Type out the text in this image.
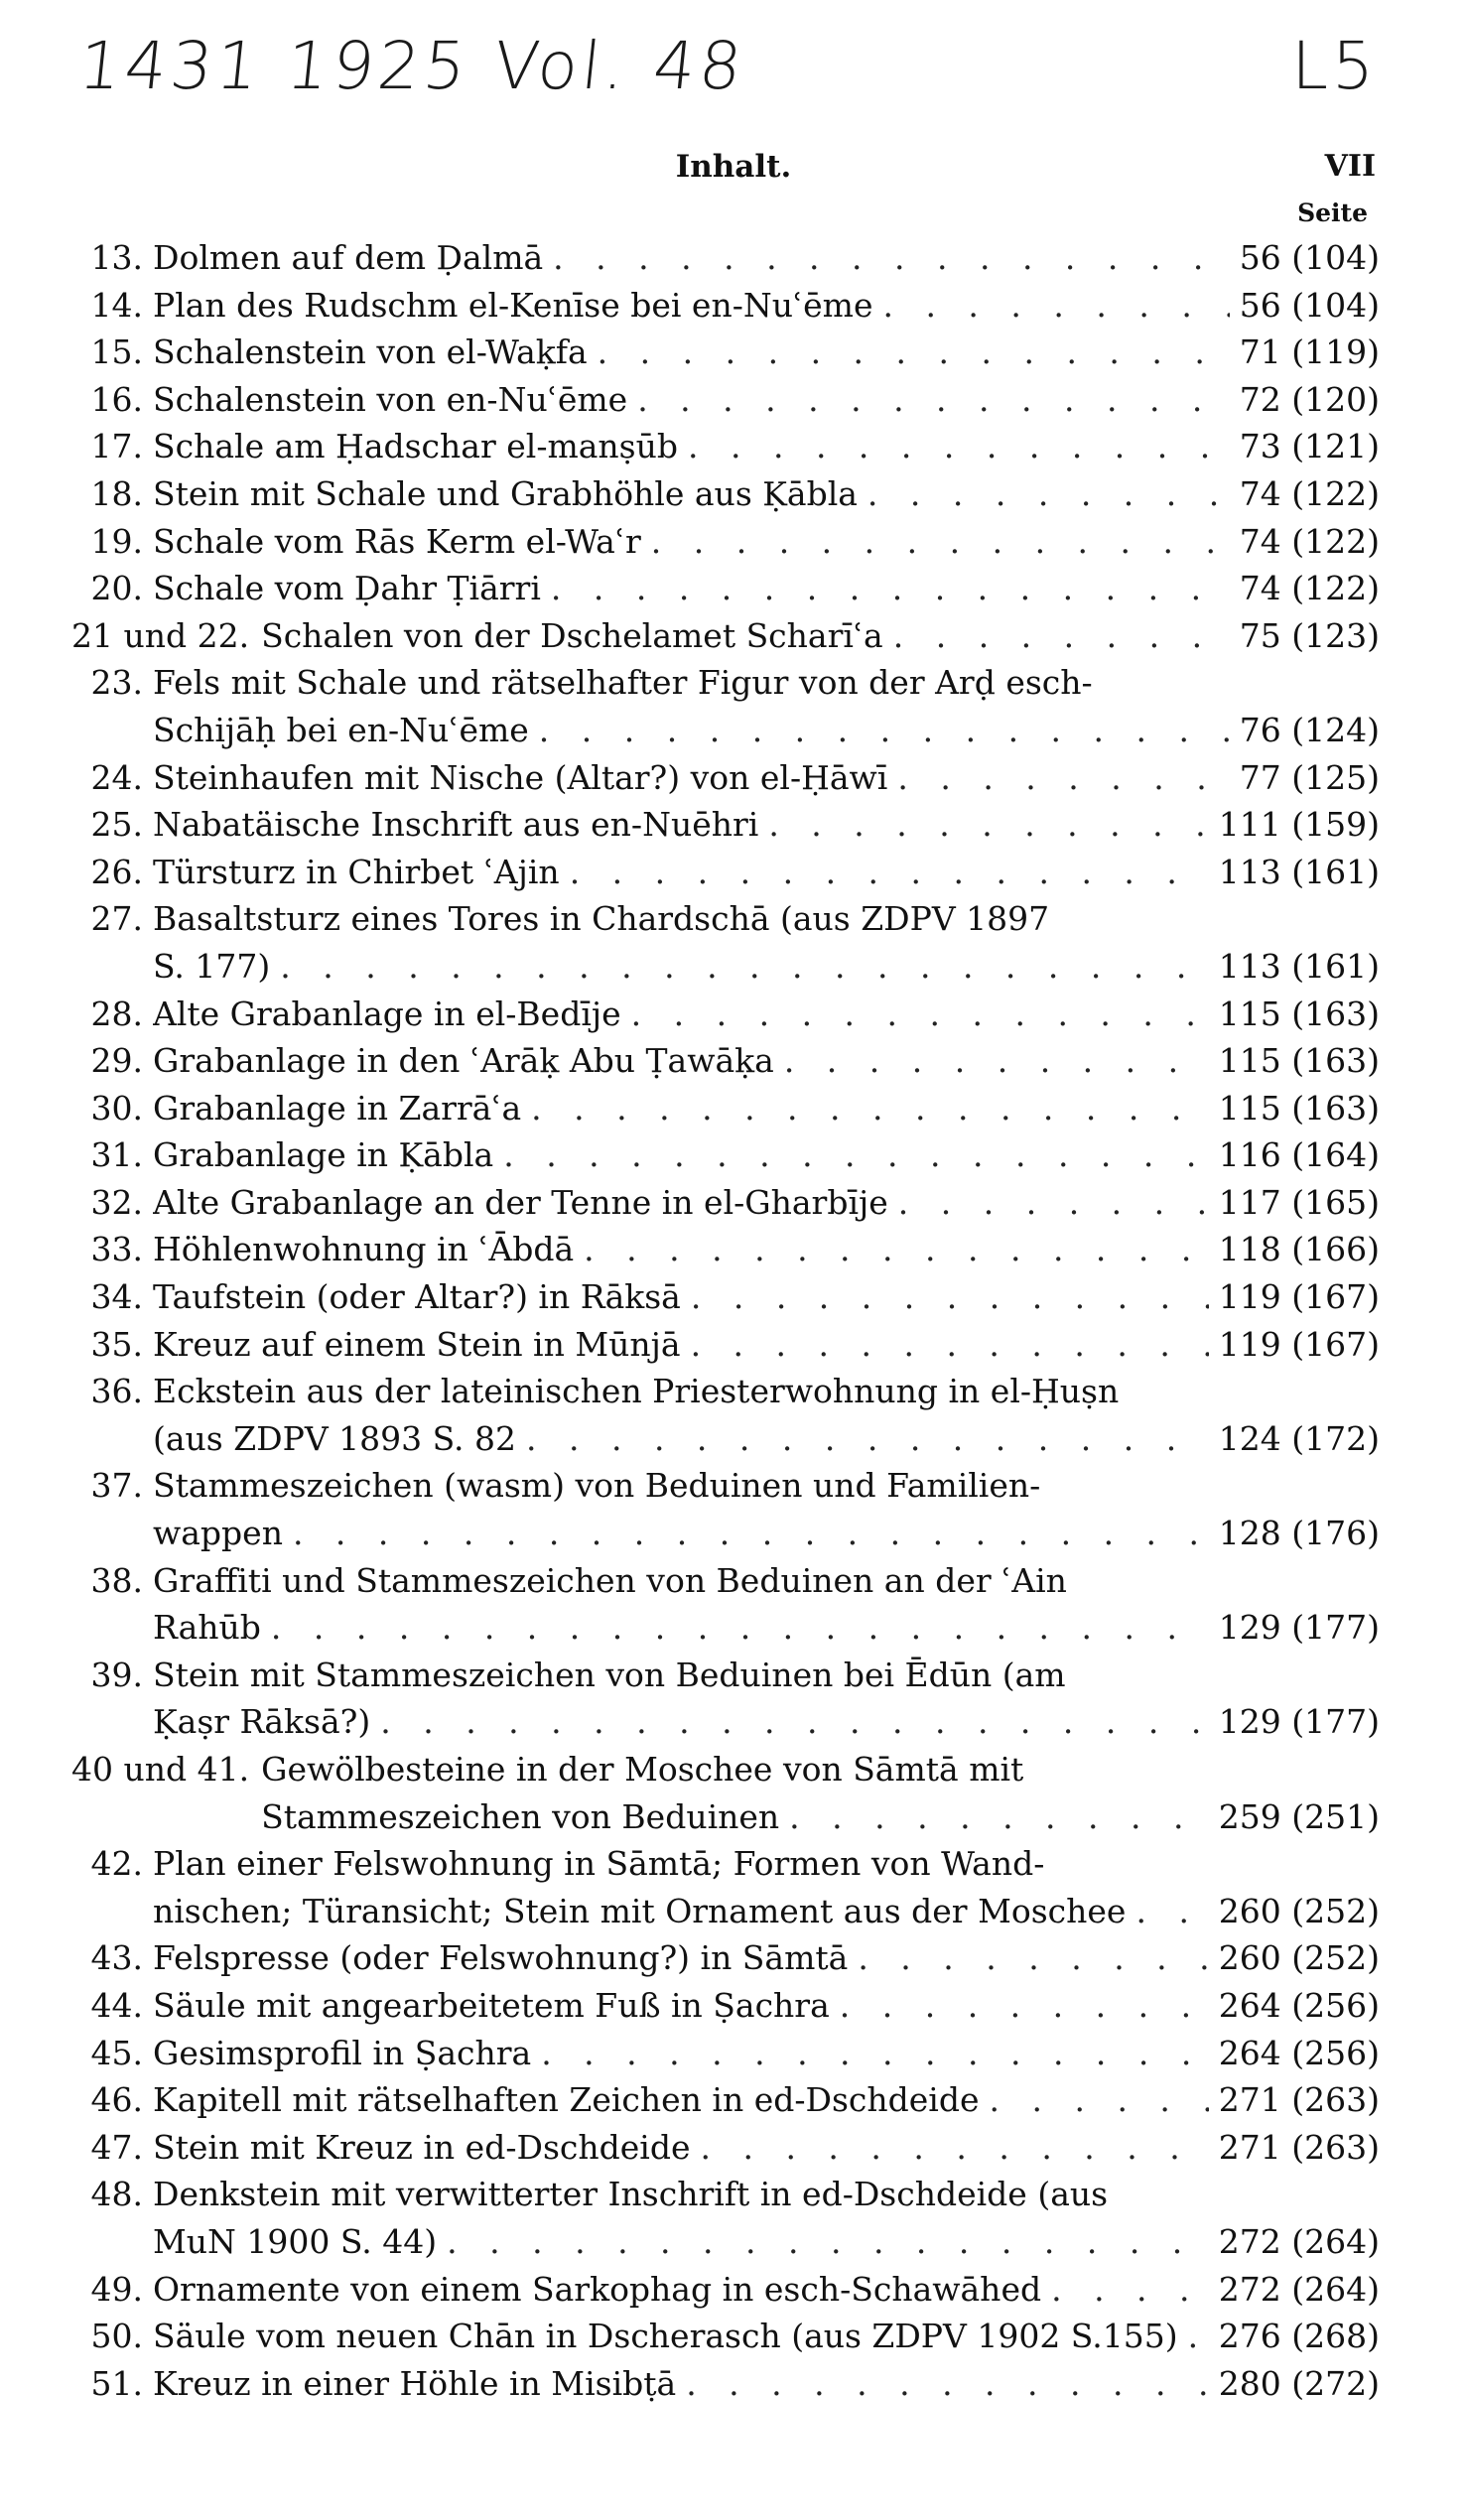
1431 1925 Vol. 48	L5
Inhalt.	VII
Seite
13. Dolmen auf dem Ḍalmā . . .	56 (104)
14. Plan des Rudschm el-Kenīse bei en-Nuʿēme . . .	56 (104)
15. Schalenstein von el-Waḳfa . . .	71 (119)
16. Schalenstein von en-Nuʿēme . . .	72 (120)
17. Schale am Ḥadschar el-manṣūb . . .	73 (121)
18. Stein mit Schale und Grabhöhle aus Ḳābla . . .	74 (122)
19. Schale vom Rās Kerm el-Waʿr . . .	74 (122)
20. Schale vom Ḍahr Ṭiārri . . .	74 (122)
21 und 22. Schalen von der Dschelamet Scharīʿa . . .	75 (123)
23. Fels mit Schale und rätselhafter Figur von der Arḍ esch-
Schijāḥ bei en-Nuʿēme . . .	76 (124)
24. Steinhaufen mit Nische (Altar?) von el-Ḥāwī . . .	77 (125)
25. Nabatäische Inschrift aus en-Nuēhri . . .	111 (159)
26. Türsturz in Chirbet ʿAjin . . .	113 (161)
27. Basaltsturz eines Tores in Chardschā (aus ZDPV 1897
S. 177) . . .	113 (161)
28. Alte Grabanlage in el-Bedīje . . .	115 (163)
29. Grabanlage in den ʿArāḳ Abu Ṭawāḳa . . .	115 (163)
30. Grabanlage in Zarrāʿa . . .	115 (163)
31. Grabanlage in Ḳābla . . .	116 (164)
32. Alte Grabanlage an der Tenne in el-Gharbīje . . .	117 (165)
33. Höhlenwohnung in ʿĀbdā . . .	118 (166)
34. Taufstein (oder Altar?) in Rāksā . . .	119 (167)
35. Kreuz auf einem Stein in Mūnjā . . .	119 (167)
36. Eckstein aus der lateinischen Priesterwohnung in el-Ḥuṣn
(aus ZDPV 1893 S. 82 . . .	124 (172)
37. Stammeszeichen (wasm) von Beduinen und Familien-
wappen . . .	128 (176)
38. Graffiti und Stammeszeichen von Beduinen an der ʿAin
Rahūb . . .	129 (177)
39. Stein mit Stammeszeichen von Beduinen bei Ēdūn (am
Ḳaṣr Rāksā?) . . .	129 (177)
40 und 41. Gewölbesteine in der Moschee von Sāmtā mit
Stammeszeichen von Beduinen . . .	259 (251)
42. Plan einer Felswohnung in Sāmtā; Formen von Wand-
nischen; Türansicht; Stein mit Ornament aus der Moschee . . .	260 (252)
43. Felspresse (oder Felswohnung?) in Sāmtā . . .	260 (252)
44. Säule mit angearbeitetem Fuß in Ṣachra . . .	264 (256)
45. Gesimsprofil in Ṣachra . . .	264 (256)
46. Kapitell mit rätselhaften Zeichen in ed-Dschdeide . . .	271 (263)
47. Stein mit Kreuz in ed-Dschdeide . . .	271 (263)
48. Denkstein mit verwitterter Inschrift in ed-Dschdeide (aus
MuN 1900 S. 44) . . .	272 (264)
49. Ornamente von einem Sarkophag in esch-Schawāhed . . .	272 (264)
50. Säule vom neuen Chān in Dscherasch (aus ZDPV 1902 S.155) . . . 276 (268)
51. Kreuz in einer Höhle in Misibṭā . . .	280 (272)
